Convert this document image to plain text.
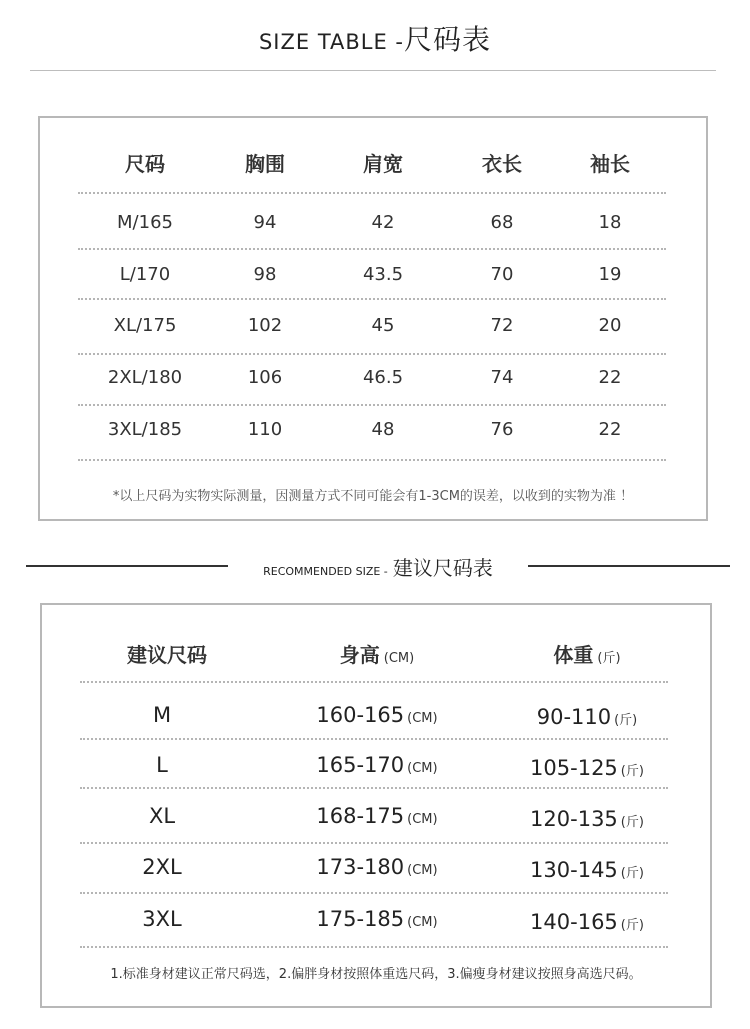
SIZE TABLE -尺码表
尺码	胸围	肩宽	衣长	袖长
M/165	94	42	68	18
L/170	98	43.5	70	19
XL/175	102	45	72	20
2XL/180	106	46.5	74	22
3XL/185	110	48	76	22
*以上尺码为实物实际测量，因测量方式不同可能会有1-3CM的误差，以收到的实物为准 ！
RECOMMENDED SIZE - 建议尺码表
建议尺码	身高 (CM)	体重 (斤)
M	160-165 (CM)	90-110 (斤)
L	165-170 (CM)	105-125 (斤)
XL	168-175 (CM)	120-135 (斤)
2XL	173-180 (CM)	130-145 (斤)
3XL	175-185 (CM)	140-165 (斤)
1.标准身材建议正常尺码选，2.偏胖身材按照体重选尺码，3.偏瘦身材建议按照身高选尺码。
